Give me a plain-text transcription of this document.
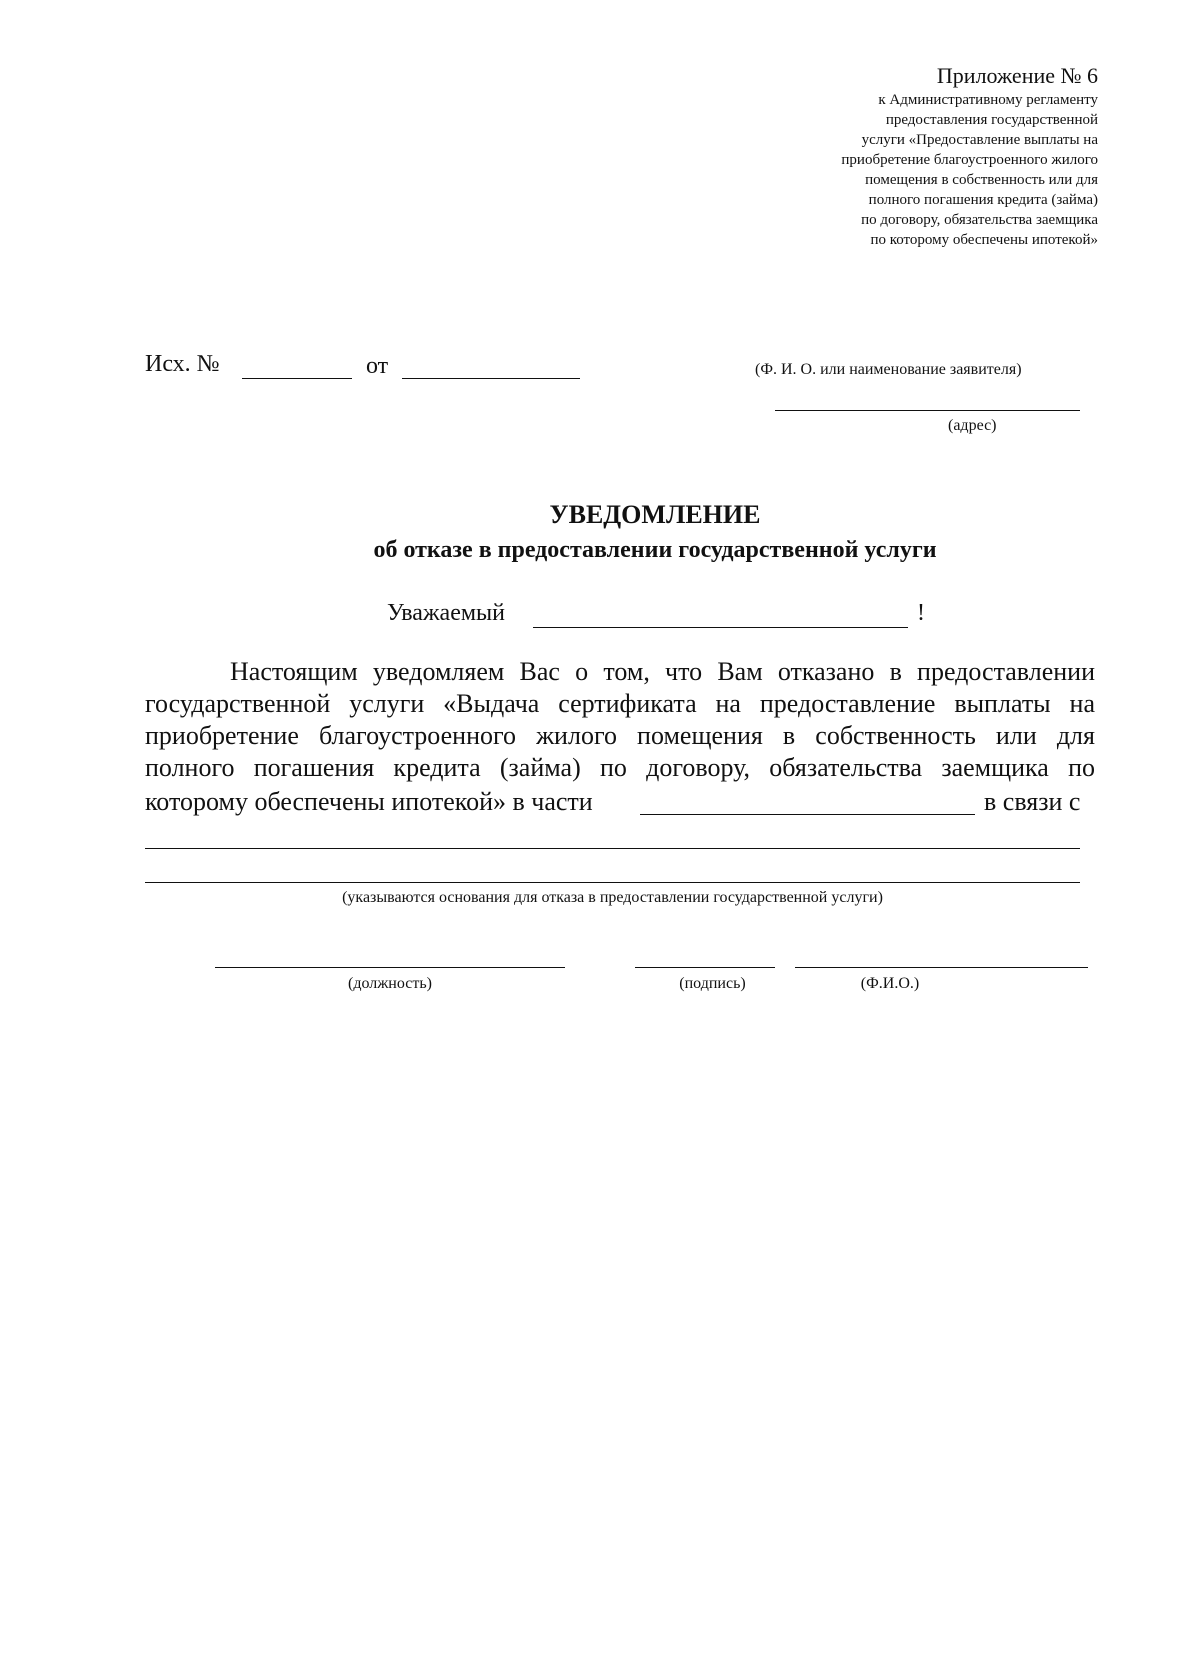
Приложение № 6
к Административному регламенту
предоставления государственной
услуги «Предоставление выплаты на
приобретение благоустроенного жилого
помещения в собственность или для
полного погашения кредита (займа)
по договору, обязательства заемщика
по которому обеспечены ипотекой»
Исх. №	от	(Ф. И. О. или наименование заявителя)
(адрес)
УВЕДОМЛЕНИЕ
об отказе в предоставлении государственной услуги
Уважаемый	!

Настоящим уведомляем Вас о том, что Вам отказано в предоставлении

государственной услуги «Выдача сертификата на предоставление выплаты на

приобретение благоустроенного жилого помещения в собственность или для

полного погашения кредита (займа) по договору, обязательства заемщика по

которому обеспечены ипотекой» в части	в связи с
(указываются основания для отказа в предоставлении государственной услуги)
(должность)	(подпись)	(Ф.И.О.)
